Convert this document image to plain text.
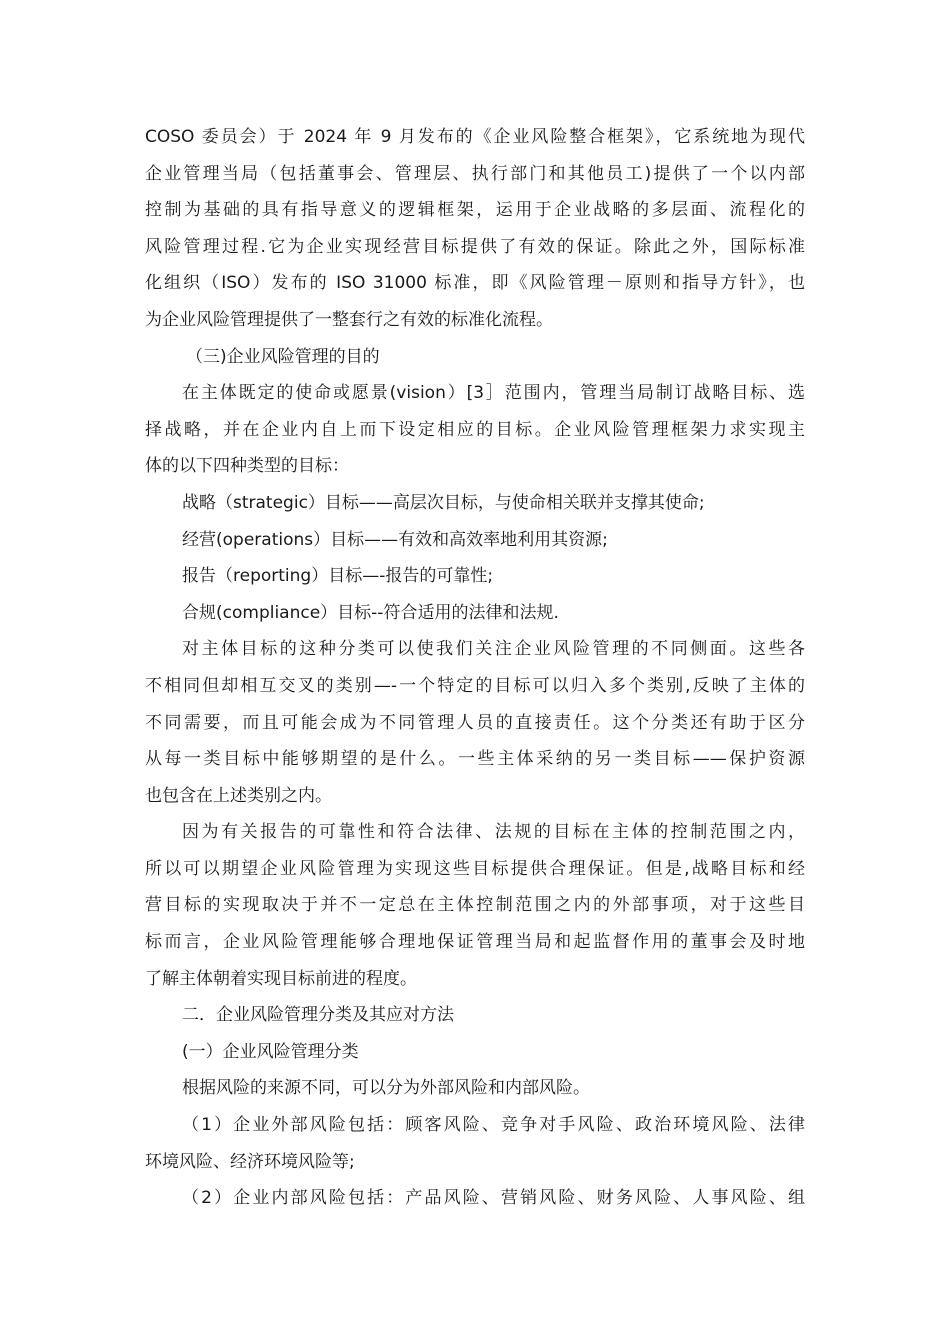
COSO 委员会）于 2024 年 9 月发布的《企业风险整合框架》，它系统地为现代
企业管理当局（包括董事会、管理层、执行部门和其他员工)提供了一个以内部
控制为基础的具有指导意义的逻辑框架，运用于企业战略的多层面、流程化的
风险管理过程.它为企业实现经营目标提供了有效的保证。除此之外，国际标准
化组织（ISO）发布的 ISO 31000 标准，即《风险管理－原则和指导方针》，也
为企业风险管理提供了一整套行之有效的标准化流程。
（三)企业风险管理的目的
在主体既定的使命或愿景(vision）[3］范围内，管理当局制订战略目标、选
择战略，并在企业内自上而下设定相应的目标。企业风险管理框架力求实现主
体的以下四种类型的目标：
战略（strategic）目标——高层次目标，与使命相关联并支撑其使命;
经营(operations）目标——有效和高效率地利用其资源;
报告（reporting）目标—-报告的可靠性;
合规(compliance）目标--符合适用的法律和法规.
对主体目标的这种分类可以使我们关注企业风险管理的不同侧面。这些各
不相同但却相互交叉的类别—-一个特定的目标可以归入多个类别,反映了主体的
不同需要，而且可能会成为不同管理人员的直接责任。这个分类还有助于区分
从每一类目标中能够期望的是什么。一些主体采纳的另一类目标——保护资源
也包含在上述类别之内。
因为有关报告的可靠性和符合法律、法规的目标在主体的控制范围之内，
所以可以期望企业风险管理为实现这些目标提供合理保证。但是,战略目标和经
营目标的实现取决于并不一定总在主体控制范围之内的外部事项，对于这些目
标而言，企业风险管理能够合理地保证管理当局和起监督作用的董事会及时地
了解主体朝着实现目标前进的程度。
二．企业风险管理分类及其应对方法
(一）企业风险管理分类
根据风险的来源不同，可以分为外部风险和内部风险。
（1）企业外部风险包括：顾客风险、竞争对手风险、政治环境风险、法律
环境风险、经济环境风险等;
（2）企业内部风险包括：产品风险、营销风险、财务风险、人事风险、组
